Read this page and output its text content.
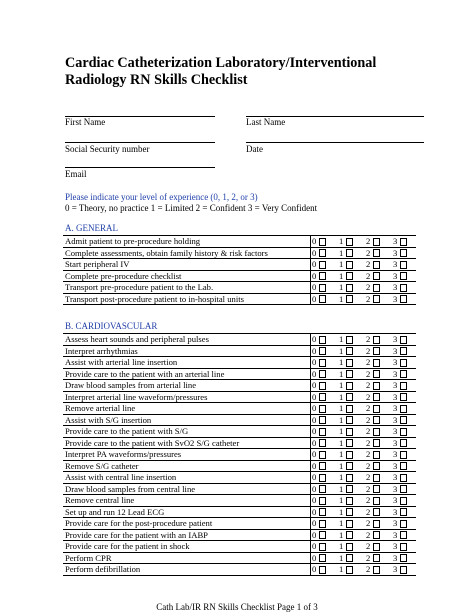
Cardiac Catheterization Laboratory/Interventional Radiology RN Skills Checklist
First Name	Last Name
Social Security number	Date
Email
Please indicate your level of experience (0, 1, 2, or 3)
0 = Theory, no practice 1 = Limited 2 = Confident 3 = Very Confident
A. GENERAL
Admit patient to pre-procedure holding	0	1	2	3
Complete assessments, obtain family history & risk factors	0	1	2	3
Start peripheral IV	0	1	2	3
Complete pre-procedure checklist	0	1	2	3
Transport pre-procedure patient to the Lab.	0	1	2	3
Transport post-procedure patient to in-hospital units	0	1	2	3
B. CARDIOVASCULAR
Assess heart sounds and peripheral pulses	0	1	2	3
Interpret arrhythmias	0	1	2	3
Assist with arterial line insertion	0	1	2	3
Provide care to the patient with an arterial line	0	1	2	3
Draw blood samples from arterial line	0	1	2	3
Interpret arterial line waveform/pressures	0	1	2	3
Remove arterial line	0	1	2	3
Assist with S/G insertion	0	1	2	3
Provide care to the patient with S/G	0	1	2	3
Provide care to the patient with SvO2 S/G catheter	0	1	2	3
Interpret PA waveforms/pressures	0	1	2	3
Remove S/G catheter	0	1	2	3
Assist with central line insertion	0	1	2	3
Draw blood samples from central line	0	1	2	3
Remove central line	0	1	2	3
Set up and run 12 Lead ECG	0	1	2	3
Provide care for the post-procedure patient	0	1	2	3
Provide care for the patient with an IABP	0	1	2	3
Provide care for the patient in shock	0	1	2	3
Perform CPR	0	1	2	3
Perform defibrillation	0	1	2	3
Cath Lab/IR RN Skills Checklist Page 1 of 3
